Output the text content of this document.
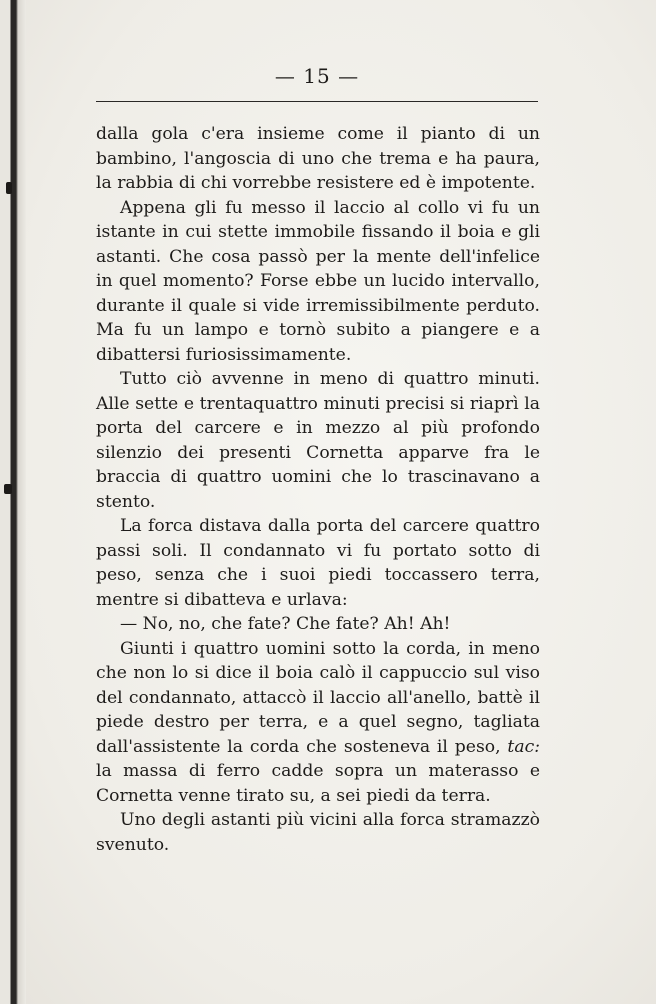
— 15 —

dalla gola c'era insieme come il pianto di un bambino, l'angoscia di uno che trema e ha paura, la rabbia di chi vorrebbe resistere ed è impotente.

Appena gli fu messo il laccio al collo vi fu un istante in cui stette immobile fissando il boia e gli astanti. Che cosa passò per la mente dell'infelice in quel momento? Forse ebbe un lucido intervallo, durante il quale si vide irremissibilmente perduto. Ma fu un lampo e tornò subito a piangere e a dibattersi furiosissimamente.

Tutto ciò avvenne in meno di quattro minuti. Alle sette e trentaquattro minuti precisi si riaprì la porta del carcere e in mezzo al più profondo silenzio dei presenti Cornetta apparve fra le braccia di quattro uomini che lo trascinavano a stento.

La forca distava dalla porta del carcere quattro passi soli. Il condannato vi fu portato sotto di peso, senza che i suoi piedi toccassero terra, mentre si dibatteva e urlava:

— No, no, che fate? Che fate? Ah! Ah!

Giunti i quattro uomini sotto la corda, in meno che non lo si dice il boia calò il cappuccio sul viso del condannato, attaccò il laccio all'anello, battè il piede destro per terra, e a quel segno, tagliata dall'assistente la corda che sosteneva il peso, tac: la massa di ferro cadde sopra un materasso e Cornetta venne tirato su, a sei piedi da terra.

Uno degli astanti più vicini alla forca stramazzò svenuto.
